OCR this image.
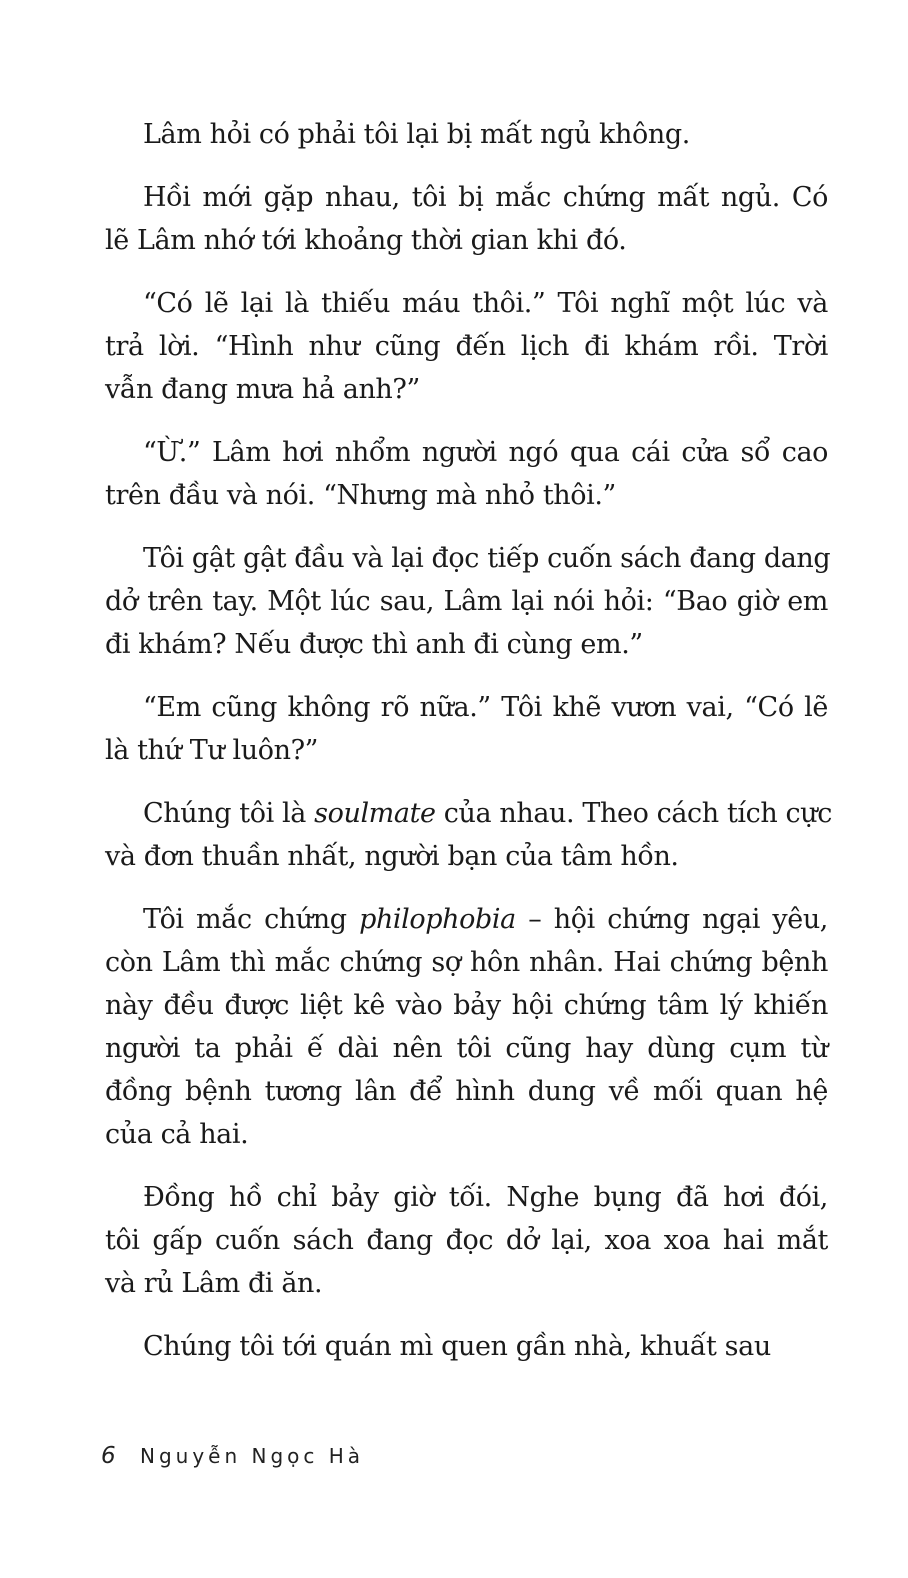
Lâm hỏi có phải tôi lại bị mất ngủ không.
Hồi mới gặp nhau, tôi bị mắc chứng mất ngủ. Có
lẽ Lâm nhớ tới khoảng thời gian khi đó.
“Có lẽ lại là thiếu máu thôi.” Tôi nghĩ một lúc và
trả lời. “Hình như cũng đến lịch đi khám rồi. Trời
vẫn đang mưa hả anh?”
“Ừ.” Lâm hơi nhổm người ngó qua cái cửa sổ cao
trên đầu và nói. “Nhưng mà nhỏ thôi.”
Tôi gật gật đầu và lại đọc tiếp cuốn sách đang dang
dở trên tay. Một lúc sau, Lâm lại nói hỏi: “Bao giờ em
đi khám? Nếu được thì anh đi cùng em.”
“Em cũng không rõ nữa.” Tôi khẽ vươn vai, “Có lẽ
là thứ Tư luôn?”
Chúng tôi là soulmate của nhau. Theo cách tích cực
và đơn thuần nhất, người bạn của tâm hồn.
Tôi mắc chứng philophobia – hội chứng ngại yêu,
còn Lâm thì mắc chứng sợ hôn nhân. Hai chứng bệnh
này đều được liệt kê vào bảy hội chứng tâm lý khiến
người ta phải ế dài nên tôi cũng hay dùng cụm từ
đồng bệnh tương lân để hình dung về mối quan hệ
của cả hai.
Đồng hồ chỉ bảy giờ tối. Nghe bụng đã hơi đói,
tôi gấp cuốn sách đang đọc dở lại, xoa xoa hai mắt
và rủ Lâm đi ăn.
Chúng tôi tới quán mì quen gần nhà, khuất sau
6 Nguyễn Ngọc Hà
